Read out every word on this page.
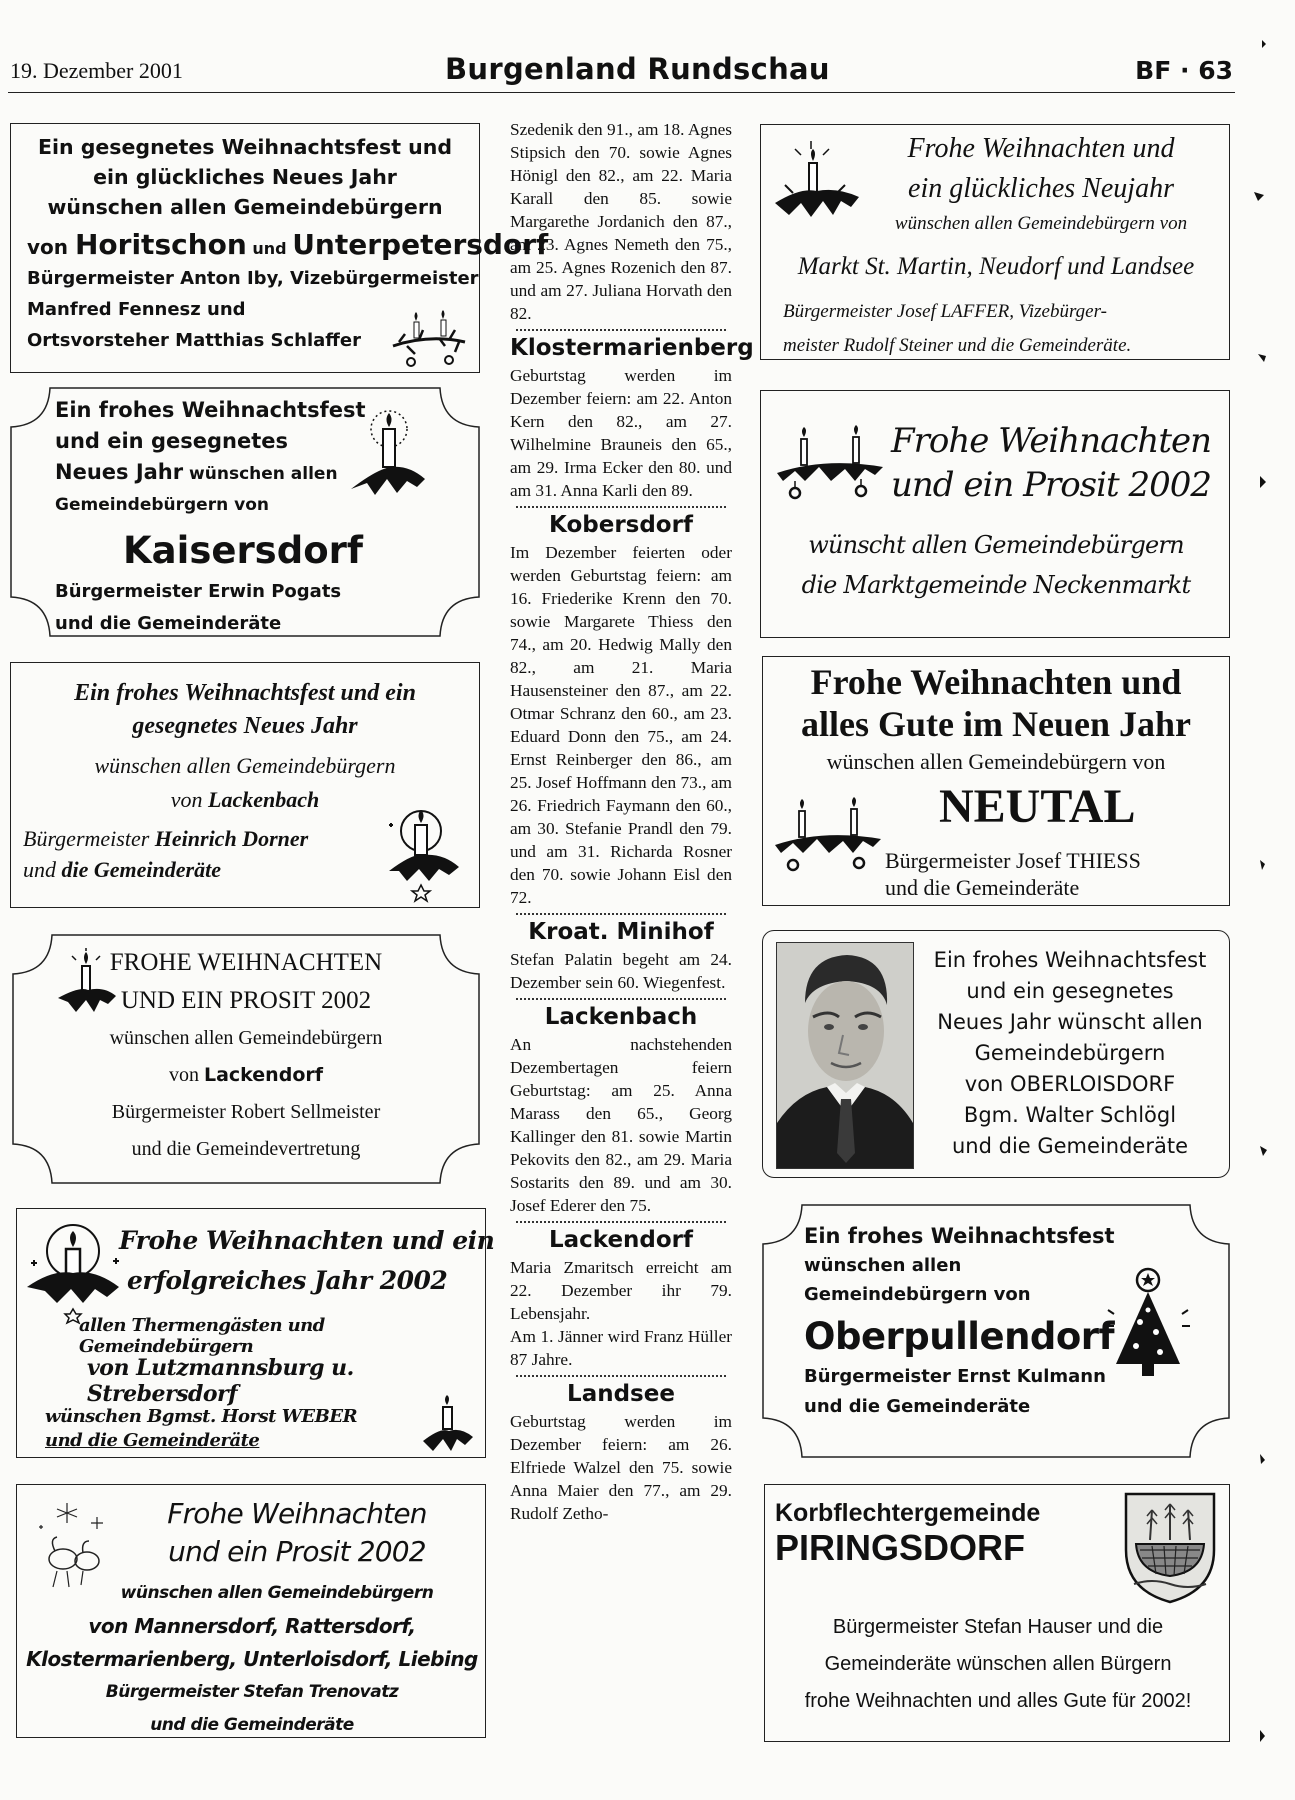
19. Dezember 2001	Burgenland Rundschau	BF · 63
Ein gesegnetes Weihnachtsfest und
ein glückliches Neues Jahr
wünschen allen Gemeindebürgern
von Horitschon und Unterpetersdorf
Bürgermeister Anton Iby, Vizebürgermeister
Manfred Fennesz und
Ortsvorsteher Matthias Schlaffer
Ein frohes Weihnachtsfest
und ein gesegnetes
Neues Jahr wünschen allen
Gemeindebürgern von
Kaisersdorf
Bürgermeister Erwin Pogats
und die Gemeinderäte
Ein frohes Weihnachtsfest und ein
gesegnetes Neues Jahr
wünschen allen Gemeindebürgern
von Lackenbach
Bürgermeister Heinrich Dorner
und die Gemeinderäte
FROHE WEIHNACHTEN
UND EIN PROSIT 2002
wünschen allen Gemeindebürgern
von Lackendorf
Bürgermeister Robert Sellmeister
und die Gemeindevertretung
Frohe Weihnachten und ein
erfolgreiches Jahr 2002
allen Thermengästen und Gemeindebürgern
von Lutzmannsburg u. Strebersdorf
wünschen Bgmst. Horst WEBER
und die Gemeinderäte
Frohe Weihnachten
und ein Prosit 2002
wünschen allen Gemeindebürgern
von Mannersdorf, Rattersdorf,
Klostermarienberg, Unterloisdorf, Liebing
Bürgermeister Stefan Trenovatz
und die Gemeinderäte

Szedenik den 91., am 18. Agnes Stipsich den 70. sowie Agnes Hönigl den 82., am 22. Maria Karall den 85. sowie Margarethe Jordanich den 87., am 23. Agnes Nemeth den 75., am 25. Agnes Rozenich den 87. und am 27. Juliana Horvath den 82.

Klostermarienberg

Geburtstag werden im Dezember feiern: am 22. Anton Kern den 82., am 27. Wilhelmine Brauneis den 65., am 29. Irma Ecker den 80. und am 31. Anna Karli den 89.

Kobersdorf

Im Dezember feierten oder werden Geburtstag feiern: am 16. Friederike Krenn den 70. sowie Margarete Thiess den 74., am 20. Hedwig Mally den 82., am 21. Maria Hausensteiner den 87., am 22. Otmar Schranz den 60., am 23. Eduard Donn den 75., am 24. Ernst Reinberger den 86., am 25. Josef Hoffmann den 73., am 26. Friedrich Faymann den 60., am 30. Stefanie Prandl den 79. und am 31. Richarda Rosner den 70. sowie Johann Eisl den 72.

Kroat. Minihof

Stefan Palatin begeht am 24. Dezember sein 60. Wiegenfest.

Lackenbach

An nachstehenden Dezembertagen feiern Geburtstag: am 25. Anna Marass den 65., Georg Kallinger den 81. sowie Martin Pekovits den 82., am 29. Maria Sostarits den 89. und am 30. Josef Ederer den 75.

Lackendorf

Maria Zmaritsch erreicht am 22. Dezember ihr 79. Lebensjahr.

Am 1. Jänner wird Franz Hüller 87 Jahre.

Landsee

Geburtstag werden im Dezember feiern: am 26. Elfriede Walzel den 75. sowie Anna Maier den 77., am 29. Rudolf Zetho-

Frohe Weihnachten und
ein glückliches Neujahr
wünschen allen Gemeindebürgern von
Markt St. Martin, Neudorf und Landsee
Bürgermeister Josef LAFFER, Vizebürger-
meister Rudolf Steiner und die Gemeinderäte.
Frohe Weihnachten
und ein Prosit 2002
wünscht allen Gemeindebürgern
die Marktgemeinde Neckenmarkt
Frohe Weihnachten und
alles Gute im Neuen Jahr
wünschen allen Gemeindebürgern von
NEUTAL
Bürgermeister Josef THIESS
und die Gemeinderäte
Ein frohes Weihnachtsfest
und ein gesegnetes
Neues Jahr wünscht allen
Gemeindebürgern
von OBERLOISDORF
Bgm. Walter Schlögl
und die Gemeinderäte
Ein frohes Weihnachtsfest
wünschen allen
Gemeindebürgern von
Oberpullendorf
Bürgermeister Ernst Kulmann
und die Gemeinderäte
Korbflechtergemeinde
PIRINGSDORF
Bürgermeister Stefan Hauser und die
Gemeinderäte wünschen allen Bürgern
frohe Weihnachten und alles Gute für 2002!
